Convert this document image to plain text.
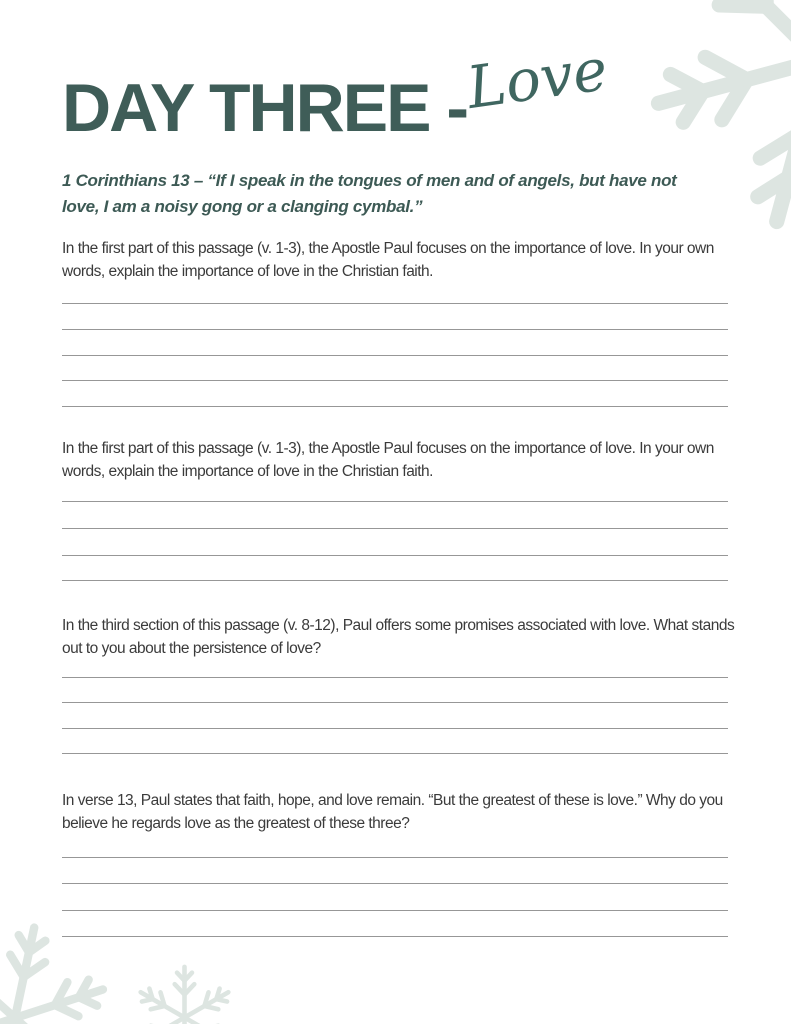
DAY THREE -
Love

1 Corinthians 13 – “If I speak in the tongues of men and of angels, but have not love, I am a noisy gong or a clanging cymbal.”

In the first part of this passage (v. 1-3), the Apostle Paul focuses on the importance of love. In your own words, explain the importance of love in the Christian faith.

In the first part of this passage (v. 1-3), the Apostle Paul focuses on the importance of love. In your own words, explain the importance of love in the Christian faith.

In the third section of this passage (v. 8-12), Paul offers some promises associated with love. What stands out to you about the persistence of love?

In verse 13, Paul states that faith, hope, and love remain. “But the greatest of these is love.” Why do you believe he regards love as the greatest of these three?
